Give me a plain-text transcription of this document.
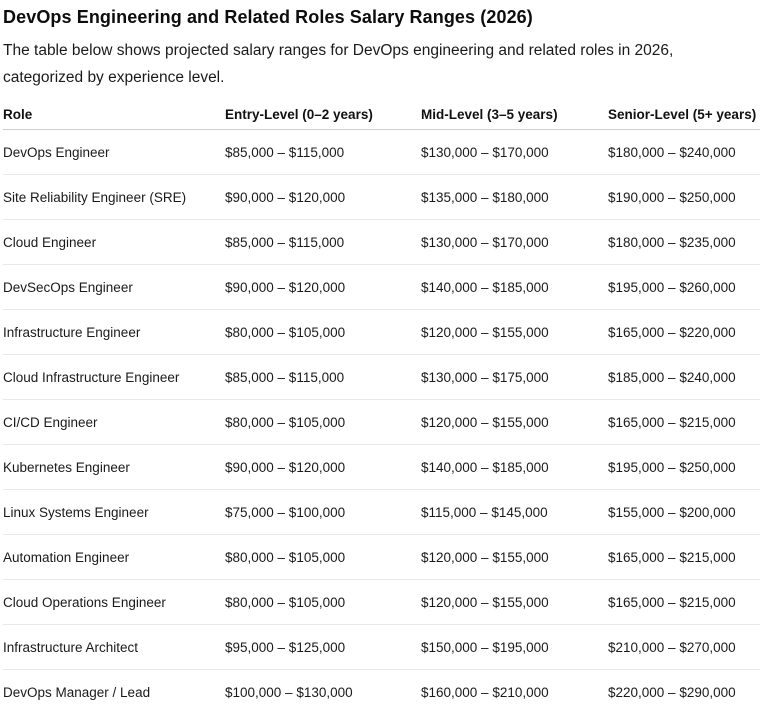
DevOps Engineering and Related Roles Salary Ranges (2026)

The table below shows projected salary ranges for DevOps engineering and related roles in 2026, categorized by experience level.

Role	Entry-Level (0–2 years)	Mid-Level (3–5 years)	Senior-Level (5+ years)
DevOps Engineer	$85,000 – $115,000	$130,000 – $170,000	$180,000 – $240,000
Site Reliability Engineer (SRE)	$90,000 – $120,000	$135,000 – $180,000	$190,000 – $250,000
Cloud Engineer	$85,000 – $115,000	$130,000 – $170,000	$180,000 – $235,000
DevSecOps Engineer	$90,000 – $120,000	$140,000 – $185,000	$195,000 – $260,000
Infrastructure Engineer	$80,000 – $105,000	$120,000 – $155,000	$165,000 – $220,000
Cloud Infrastructure Engineer	$85,000 – $115,000	$130,000 – $175,000	$185,000 – $240,000
CI/CD Engineer	$80,000 – $105,000	$120,000 – $155,000	$165,000 – $215,000
Kubernetes Engineer	$90,000 – $120,000	$140,000 – $185,000	$195,000 – $250,000
Linux Systems Engineer	$75,000 – $100,000	$115,000 – $145,000	$155,000 – $200,000
Automation Engineer	$80,000 – $105,000	$120,000 – $155,000	$165,000 – $215,000
Cloud Operations Engineer	$80,000 – $105,000	$120,000 – $155,000	$165,000 – $215,000
Infrastructure Architect	$95,000 – $125,000	$150,000 – $195,000	$210,000 – $270,000
DevOps Manager / Lead	$100,000 – $130,000	$160,000 – $210,000	$220,000 – $290,000
